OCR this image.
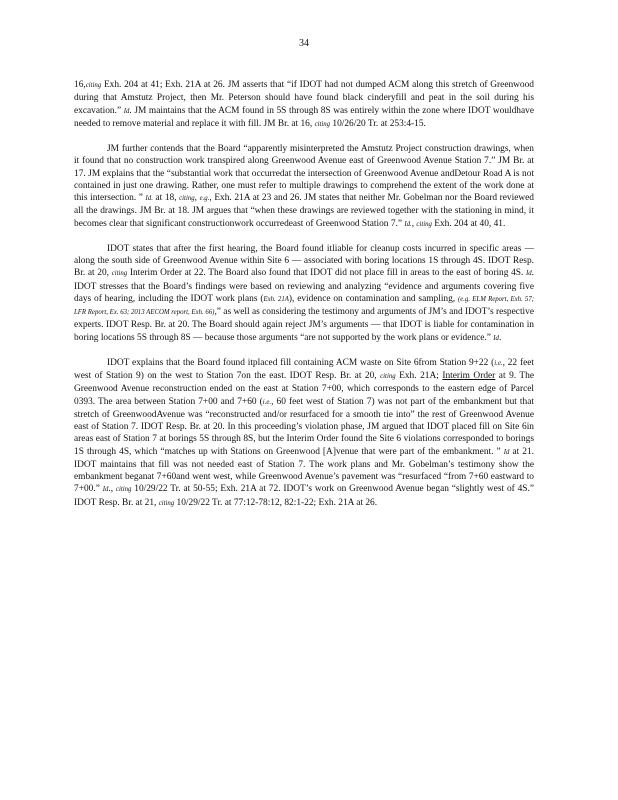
34

16,citing Exh. 204 at 41; Exh. 21A at 26. JM asserts that “if IDOT had not dumped ACM along this stretch of Greenwood during that Amstutz Project, then Mr. Peterson should have found black cinderyfill and peat in the soil during his excavation.” Id. JM maintains that the ACM found in 5S through 8S was entirely within the zone where IDOT wouldhave needed to remove material and replace it with fill. JM Br. at 16, citing 10/26/20 Tr. at 253:4-15.

JM further contends that the Board “apparently misinterpreted the Amstutz Project construction drawings, when it found that no construction work transpired along Greenwood Avenue east of Greenwood Avenue Station 7.” JM Br. at 17. JM explains that the “substantial work that occurredat the intersection of Greenwood Avenue andDetour Road A is not contained in just one drawing. Rather, one must refer to multiple drawings to comprehend the extent of the work done at this intersection. ” Id. at 18, citing, e.g., Exh. 21A at 23 and 26. JM states that neither Mr. Gobelman nor the Board reviewed all the drawings. JM Br. at 18. JM argues that “when these drawings are reviewed together with the stationing in mind, it becomes clear that significant constructionwork occurredeast of Greenwood Station 7.” Id., citing Exh. 204 at 40, 41.

IDOT states that after the first hearing, the Board found itliable for cleanup costs incurred in specific areas — along the south side of Greenwood Avenue within Site 6 — associated with boring locations 1S through 4S. IDOT Resp. Br. at 20, citing Interim Order at 22. The Board also found that IDOT did not place fill in areas to the east of boring 4S. Id. IDOT stresses that the Board’s findings were based on reviewing and analyzing “evidence and arguments covering five days of hearing, including the IDOT work plans (Exh. 21A), evidence on contamination and sampling, (e.g. ELM Report, Exh. 57; LFR Report, Ex. 63; 2013 AECOM report, Exh. 66),” as well as considering the testimony and arguments of JM’s and IDOT’s respective experts. IDOT Resp. Br. at 20. The Board should again reject JM’s arguments — that IDOT is liable for contamination in boring locations 5S through 8S — because those arguments “are not supported by the work plans or evidence.” Id.

IDOT explains that the Board found itplaced fill containing ACM waste on Site 6from Station 9+22 (i.e., 22 feet west of Station 9) on the west to Station 7on the east. IDOT Resp. Br. at 20, citing Exh. 21A; Interim Order at 9. The Greenwood Avenue reconstruction ended on the east at Station 7+00, which corresponds to the eastern edge of Parcel 0393. The area between Station 7+00 and 7+60 (i.e., 60 feet west of Station 7) was not part of the embankment but that stretch of GreenwoodAvenue was “reconstructed and/or resurfaced for a smooth tie into” the rest of Greenwood Avenue east of Station 7. IDOT Resp. Br. at 20. In this proceeding’s violation phase, JM argued that IDOT placed fill on Site 6in areas east of Station 7 at borings 5S through 8S, but the Interim Order found the Site 6 violations corresponded to borings 1S through 4S, which “matches up with Stations on Greenwood [A]venue that were part of the embankment. ” Id at 21. IDOT maintains that fill was not needed east of Station 7. The work plans and Mr. Gobelman’s testimony show the embankment beganat 7+60and went west, while Greenwood Avenue’s pavement was “resurfaced “from 7+60 eastward to 7+00.” Id., citing 10/29/22 Tr. at 50-55; Exh. 21A at 72. IDOT’s work on Greenwood Avenue began “slightly west of 4S.” IDOT Resp. Br. at 21, citing 10/29/22 Tr. at 77:12-78:12, 82:1-22; Exh. 21A at 26.
